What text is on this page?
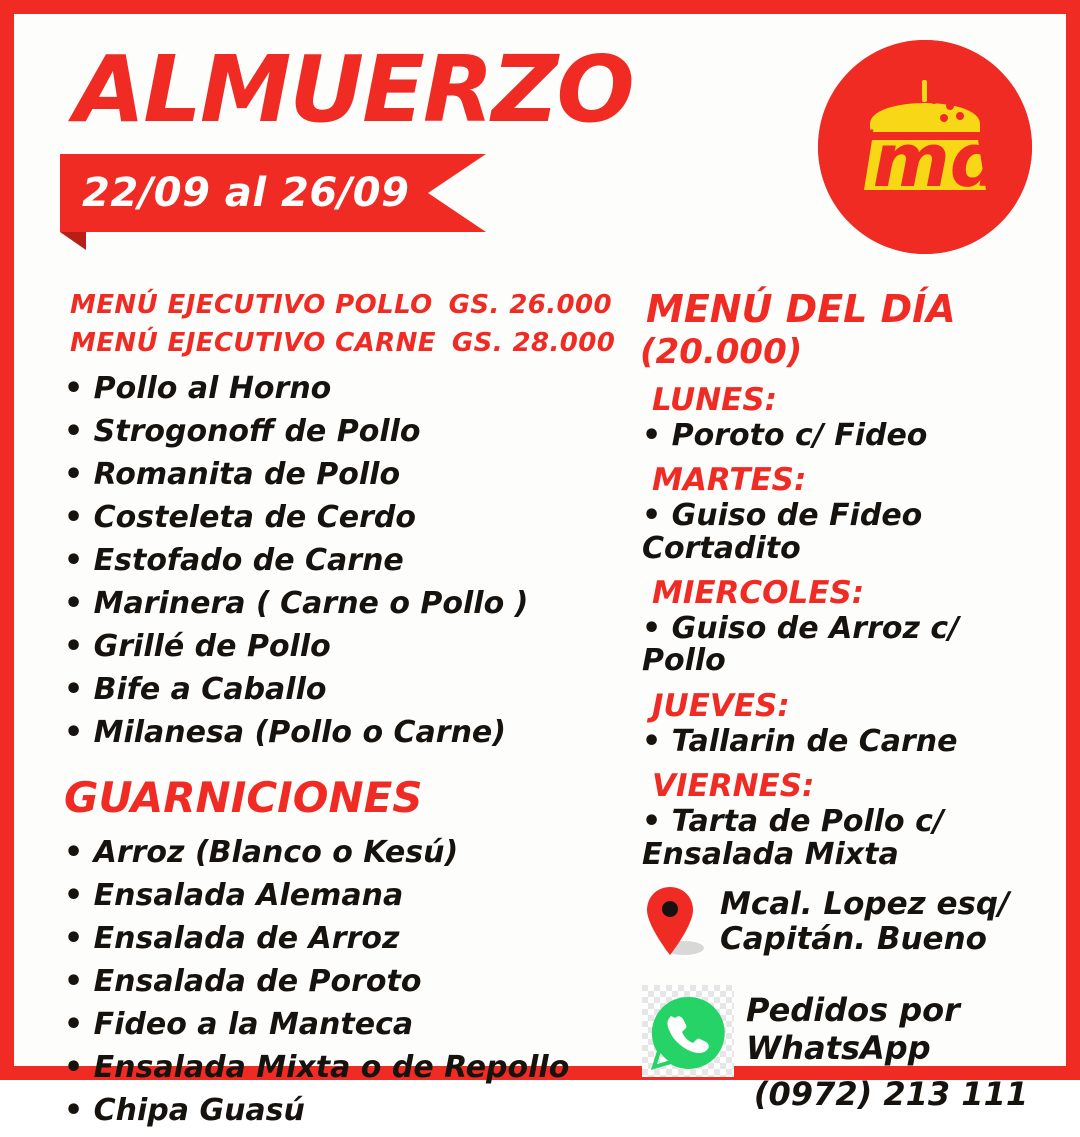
ALMUERZO
22/09 al 26/09	lmd
MENÚ EJECUTIVO POLLO GS. 26.000
MENÚ EJECUTIVO CARNE GS. 28.000
• Pollo al Horno
• Strogonoff de Pollo
• Romanita de Pollo
• Costeleta de Cerdo
• Estofado de Carne
• Marinera ( Carne o Pollo )
• Grillé de Pollo
• Bife a Caballo
• Milanesa (Pollo o Carne)
GUARNICIONES
• Arroz (Blanco o Kesú)
• Ensalada Alemana
• Ensalada de Arroz
• Ensalada de Poroto
• Fideo a la Manteca
• Ensalada Mixta o de Repollo
• Chipa Guasú
MENÚ DEL DÍA
(20.000)
LUNES:
• Poroto c/ Fideo
MARTES:
• Guiso de Fideo Cortadito
MIERCOLES:
• Guiso de Arroz c/ Pollo
JUEVES:
• Tallarin de Carne
VIERNES:
• Tarta de Pollo c/ Ensalada Mixta
Mcal. Lopez esq/
Capitán. Bueno
Pedidos por WhatsApp
(0972) 213 111
